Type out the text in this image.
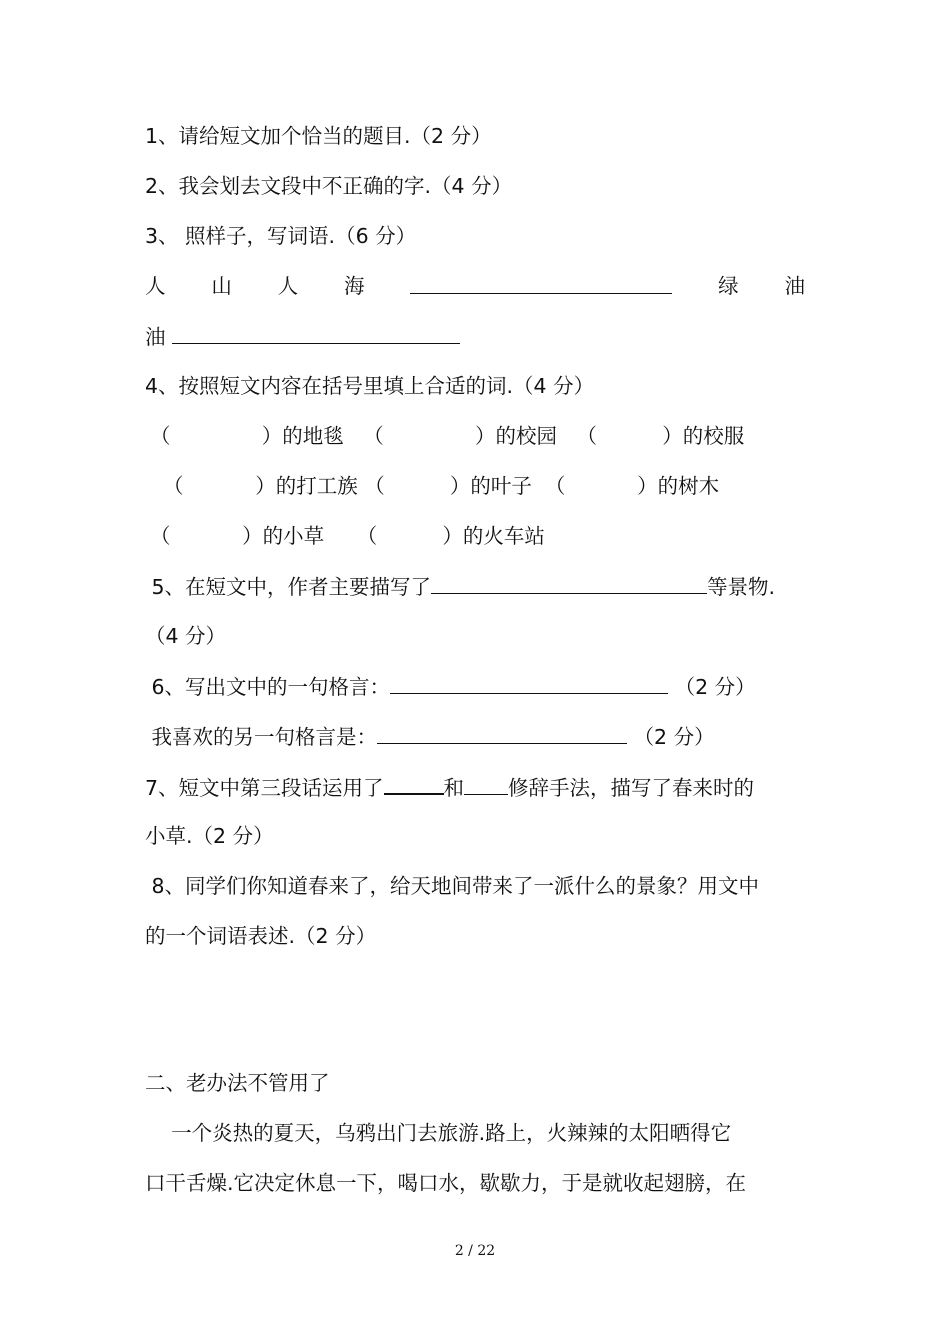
1、请给短文加个恰当的题目.（2 分）
2、我会划去文段中不正确的字.（4 分）
3、 照样子，写词语.（6 分）
人 山 人 海	绿 油
油
4、按照短文内容在括号里填上合适的词.（4 分）
（              ）的地毯   （              ）的校园   （          ）的校服
（           ）的打工族 （          ）的叶子  （           ）的树木
（           ）的小草     （          ）的火车站
5、在短文中，作者主要描写了	等景物.
（4 分）
6、写出文中的一句格言：	（2 分）
我喜欢的另一句格言是：	（2 分）
7、短文中第三段话运用了	和 修辞手法，描写了春来时的
小草.（2 分）
8、同学们你知道春来了，给天地间带来了一派什么的景象？用文中
的一个词语表述.（2 分）
二、老办法不管用了
一个炎热的夏天，乌鸦出门去旅游.路上，火辣辣的太阳晒得它
口干舌燥.它决定休息一下，喝口水，歇歇力，于是就收起翅膀，在
2 / 22
